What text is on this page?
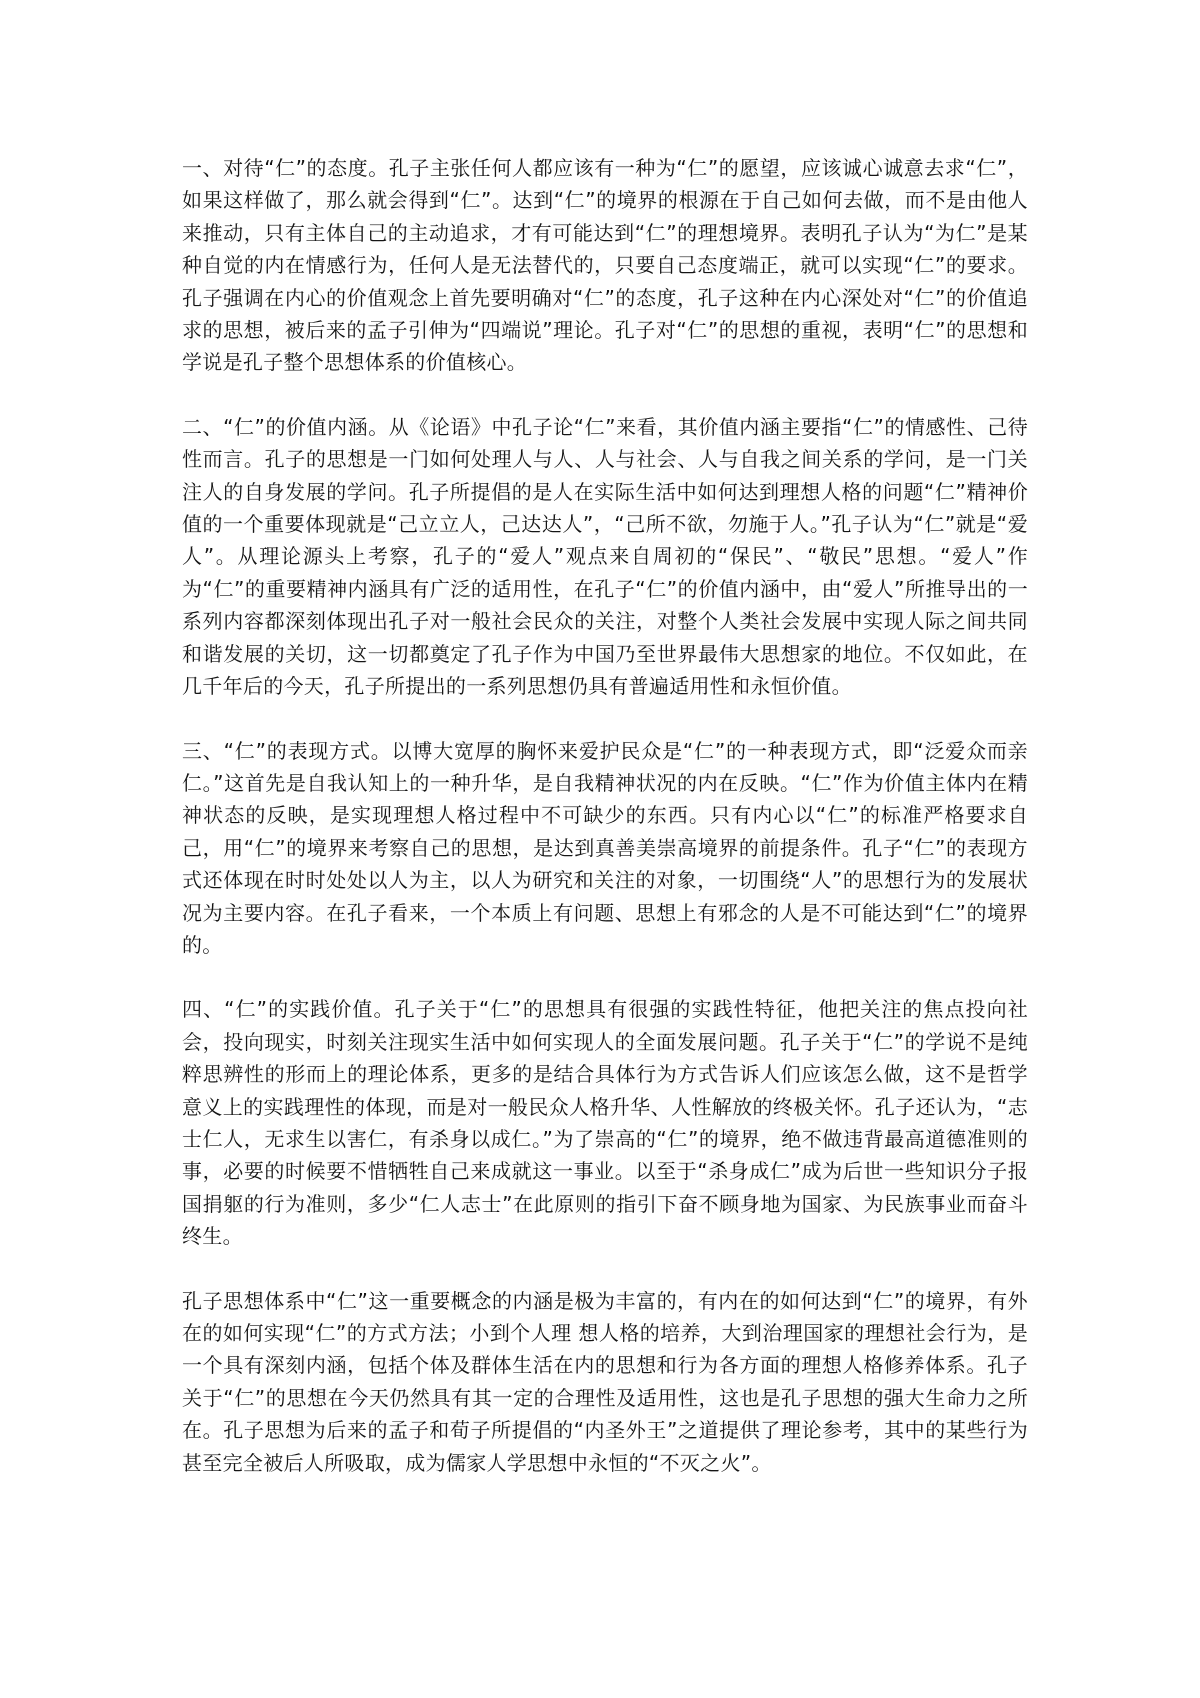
一、对待“仁”的态度。孔子主张任何人都应该有一种为“仁”的愿望，应该诚心诚意去求“仁”，如果这样做了，那么就会得到“仁”。达到“仁”的境界的根源在于自己如何去做，而不是由他人来推动，只有主体自己的主动追求，才有可能达到“仁”的理想境界。表明孔子认为“为仁”是某种自觉的内在情感行为，任何人是无法替代的，只要自己态度端正，就可以实现“仁”的要求。孔子强调在内心的价值观念上首先要明确对“仁”的态度，孔子这种在内心深处对“仁”的价值追求的思想，被后来的孟子引伸为“四端说”理论。孔子对“仁”的思想的重视，表明“仁”的思想和学说是孔子整个思想体系的价值核心。

二、“仁”的价值内涵。从《论语》中孔子论“仁”来看，其价值内涵主要指“仁”的情感性、己待性而言。孔子的思想是一门如何处理人与人、人与社会、人与自我之间关系的学问，是一门关注人的自身发展的学问。孔子所提倡的是人在实际生活中如何达到理想人格的问题“仁”精神价值的一个重要体现就是“己立立人，己达达人”，“己所不欲，勿施于人。”孔子认为“仁”就是“爱人”。从理论源头上考察，孔子的“爱人”观点来自周初的“保民”、“敬民”思想。“爱人”作为“仁”的重要精神内涵具有广泛的适用性，在孔子“仁”的价值内涵中，由“爱人”所推导出的一系列内容都深刻体现出孔子对一般社会民众的关注，对整个人类社会发展中实现人际之间共同和谐发展的关切，这一切都奠定了孔子作为中国乃至世界最伟大思想家的地位。不仅如此，在几千年后的今天，孔子所提出的一系列思想仍具有普遍适用性和永恒价值。

三、“仁”的表现方式。以博大宽厚的胸怀来爱护民众是“仁”的一种表现方式，即“泛爱众而亲仁。”这首先是自我认知上的一种升华，是自我精神状况的内在反映。“仁”作为价值主体内在精神状态的反映，是实现理想人格过程中不可缺少的东西。只有内心以“仁”的标准严格要求自己，用“仁”的境界来考察自己的思想，是达到真善美崇高境界的前提条件。孔子“仁”的表现方式还体现在时时处处以人为主，以人为研究和关注的对象，一切围绕“人”的思想行为的发展状况为主要内容。在孔子看来，一个本质上有问题、思想上有邪念的人是不可能达到“仁”的境界的。

四、“仁”的实践价值。孔子关于“仁”的思想具有很强的实践性特征，他把关注的焦点投向社会，投向现实，时刻关注现实生活中如何实现人的全面发展问题。孔子关于“仁”的学说不是纯粹思辨性的形而上的理论体系，更多的是结合具体行为方式告诉人们应该怎么做，这不是哲学意义上的实践理性的体现，而是对一般民众人格升华、人性解放的终极关怀。孔子还认为，“志士仁人，无求生以害仁，有杀身以成仁。”为了崇高的“仁”的境界，绝不做违背最高道德准则的事，必要的时候要不惜牺牲自己来成就这一事业。以至于“杀身成仁”成为后世一些知识分子报国捐躯的行为准则，多少“仁人志士”在此原则的指引下奋不顾身地为国家、为民族事业而奋斗终生。

孔子思想体系中“仁”这一重要概念的内涵是极为丰富的，有内在的如何达到“仁”的境界，有外在的如何实现“仁”的方式方法；小到个人理 想人格的培养，大到治理国家的理想社会行为，是一个具有深刻内涵，包括个体及群体生活在内的思想和行为各方面的理想人格修养体系。孔子关于“仁”的思想在今天仍然具有其一定的合理性及适用性，这也是孔子思想的强大生命力之所在。孔子思想为后来的孟子和荀子所提倡的“内圣外王”之道提供了理论参考，其中的某些行为甚至完全被后人所吸取，成为儒家人学思想中永恒的“不灭之火”。
